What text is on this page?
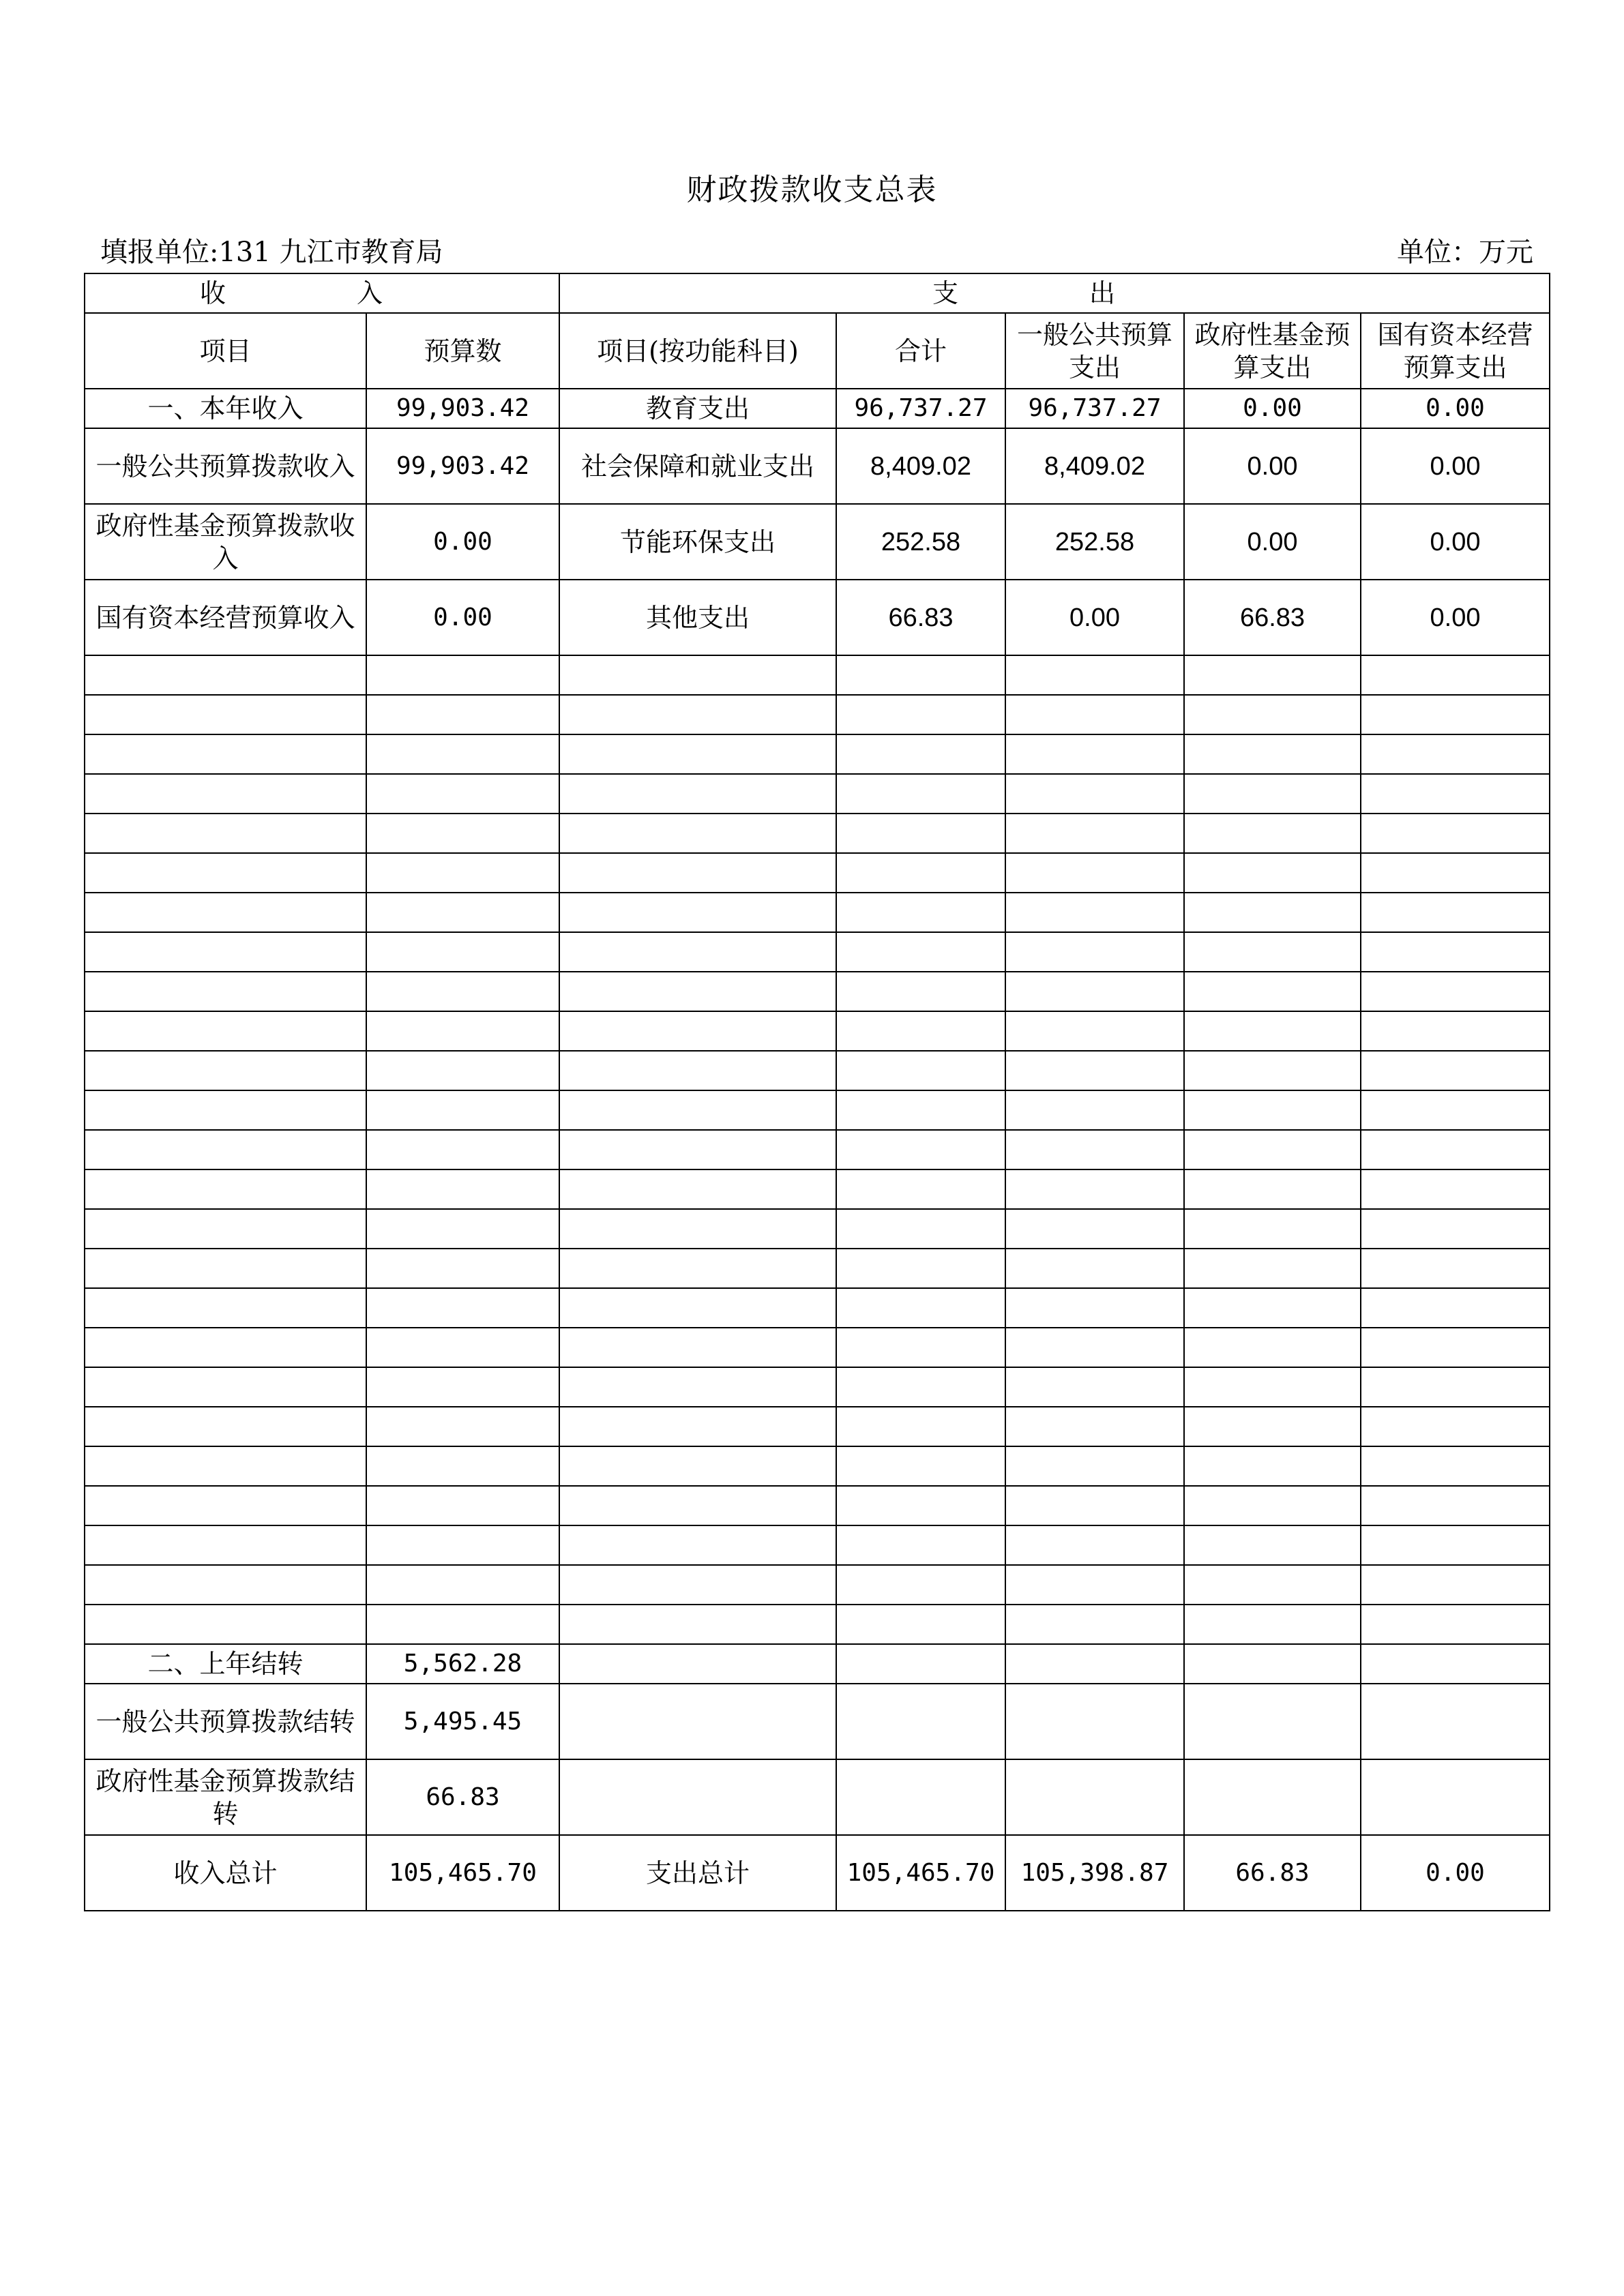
财政拨款收支总表
填报单位:131 九江市教育局	单位：万元
收 入		支 出				
项目	预算数	项目(按功能科目)	合计	一般公共预算支出	政府性基金预算支出	国有资本经营预算支出
一、本年收入	99,903.42	教育支出	96,737.27	96,737.27	0.00	0.00
一般公共预算拨款收入	99,903.42	社会保障和就业支出	8,409.02	8,409.02	0.00	0.00
政府性基金预算拨款收入	0.00	节能环保支出	252.58	252.58	0.00	0.00
国有资本经营预算收入	0.00	其他支出	66.83	0.00	66.83	0.00

二、上年结转	5,562.28					
一般公共预算拨款结转	5,495.45					
政府性基金预算拨款结转	66.83					
收入总计	105,465.70	支出总计	105,465.70	105,398.87	66.83	0.00
